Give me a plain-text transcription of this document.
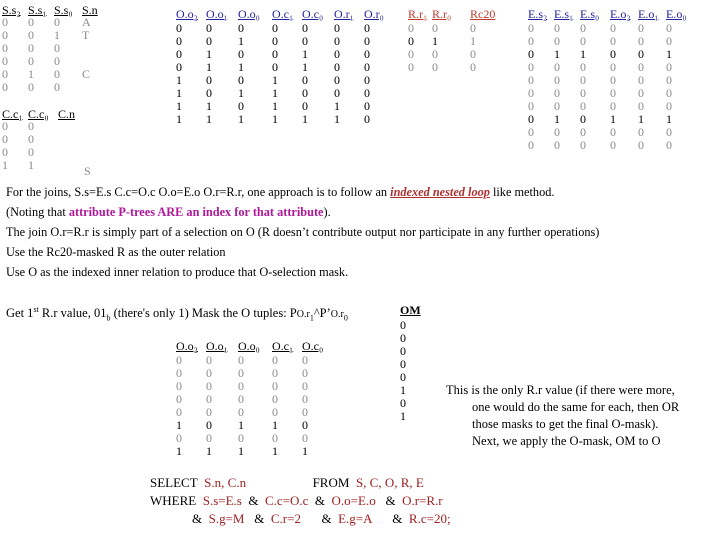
S.s₂ S.s₁ S.s₀ S.n
0 0 0 A
0 0 1 T
0 0 0
0 0 0
0 1 0 C
0 0 0
C.c₁ C.c₀ C.n
0 0
0 0
0 0
1 1	S
O.o₂ O.o₁ O.o₀ O.c₁ O.c₀ O.r₁ O.r₀
0 0 0 0 0 0 0
0 0 1 0 0 0 0
0 1 0 0 1 0 0
0 1 1 0 1 0 0
1 0 0 1 0 0 0
1 0 1 1 0 0 0
1 1 0 1 0 1 0
1 1 1 1 1 1 0
R.r₁ R.r₀ Rc20
0 0	0
0 1	1
0 0	0
0 0	0
E.s₂ E.s₁ E.s₀ E.o₂ E.o₁ E.o₀
0 0 0 0 0 0
0 0 0 0 0 0
0 1 1 0 0 1
0 0 0 0 0 0
0 0 0 0 0 0
0 0 0 0 0 0
0 0 0 0 0 0
0 1 0 1 1 1
0 0 0 0 0 0
0 0 0 0 0 0
For the joins, S.s=E.s C.c=O.c O.o=E.o O.r=R.r, one approach is to follow an indexed nested loop like method.
(Noting that attribute P-trees ARE an index for that attribute).
The join O.r=R.r is simply part of a selection on O (R doesn’t contribute output nor participate in any further operations)
Use the Rc20-masked R as the outer relation
Use O as the indexed inner relation to produce that O-selection mask.
Get 1st R.r value, $01_b$ (there's only 1) Mask the O tuples: $PO.r_1\^{}P’O.r_0$
O.o₂ O.o₁ O.o₀ O.c₁ O.c₀
0 0 0 0 0
0 0 0 0 0
0 0 0 0 0
0 0 0 0 0
0 0 0 0 0
1 0 1 1 0
0 0 0 0 0
1 1 1 1 1
OM
0
0
0
0
0
1
0
1
This is the only R.r value (if there were more,
one would do the same for each, then OR
those masks to get the final O-mask).
Next, we apply the O-mask, OM to O
SELECT S.n, C.n	FROM S, C, O, R, E
WHERE S.s=E.s & C.c=O.c & O.o=E.o & O.r=R.r
& S.g=M & C.r=2 & E.g=A & R.c=20;
